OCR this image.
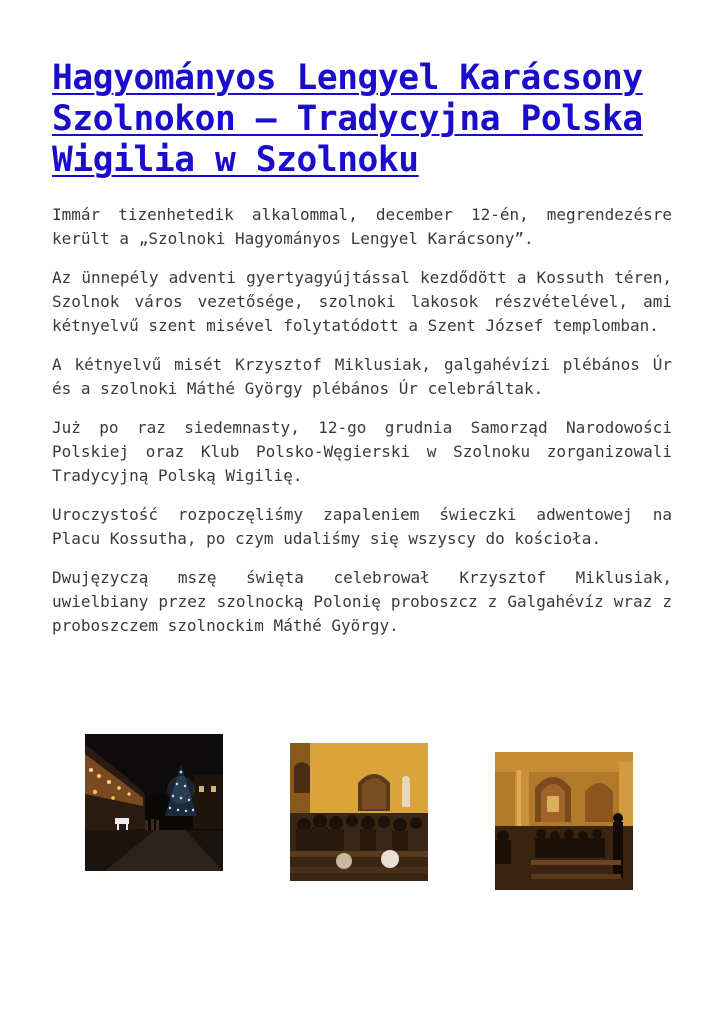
Hagyományos Lengyel Karácsony Szolnokon – Tradycyjna Polska Wigilia w Szolnoku

Immár tizenhetedik alkalommal, december 12-én, megrendezésre került a „Szolnoki Hagyományos Lengyel Karácsony”.

Az ünnepély adventi gyertyagyújtással kezdődött a Kossuth téren, Szolnok város vezetősége, szolnoki lakosok részvételével, ami kétnyelvű szent misével folytatódott a Szent József templomban.

A kétnyelvű misét Krzysztof Miklusiak, galgahévízi plébános Úr és a szolnoki Máthé György plébános Úr celebráltak.

Już po raz siedemnasty, 12-go grudnia Samorząd Narodowości Polskiej oraz Klub Polsko-Węgierski w Szolnoku zorganizowali Tradycyjną Polską Wigilię.

Uroczystość rozpoczęliśmy zapaleniem świeczki adwentowej na Placu Kossutha, po czym udaliśmy się wszyscy do kościoła.

Dwujęzyczą mszę święta celebrował Krzysztof Miklusiak, uwielbiany przez szolnocką Polonię proboszcz z Galgahévíz wraz z proboszczem szolnockim Máthé György.
